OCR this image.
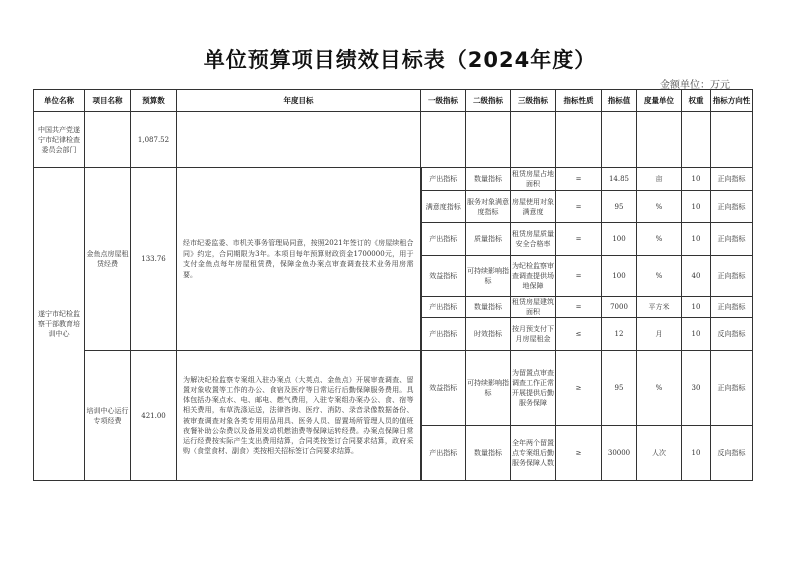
单位预算项目绩效目标表（2024年度）
金额单位：万元
单位名称	项目名称	预算数	年度目标	一级指标	二级指标	三级指标	指标性质	指标值	度量单位	权重	指标方向性
中国共产党遂宁市纪律检查委员会部门		1,087.52									
遂宁市纪检监察干部教育培训中心	金鱼点房屋租赁经费	133.76	经市纪委监委、市机关事务管理局同意，按照2021年签订的《房屋续租合同》约定，合同期限为3年。本项目每年预算财政资金1700000元，用于支付金鱼点每年房屋租赁费，保障金鱼办案点审查调查技术业务用房需要。	产出指标	数量指标	租赁房屋占地面积	=	14.85	亩	10	正向指标
				满意度指标	服务对象满意度指标	房屋使用对象满意度	=	95	%	10	正向指标
				产出指标	质量指标	租赁房屋质量安全合格率	=	100	%	10	正向指标
				效益指标	可持续影响指标	为纪检监察审查调查提供场地保障	=	100	%	40	正向指标
				产出指标	数量指标	租赁房屋建筑面积	=	7000	平方米	10	正向指标
				产出指标	时效指标	按月预支付下月房屋租金	≤	12	月	10	反向指标
	培训中心运行专项经费	421.00	为解决纪检监察专案组入驻办案点（大英点、金鱼点）开展审查调查、留置对象收置等工作的办公、食宿及医疗等日常运行后勤保障服务费用。具体包括办案点水、电、邮电、燃气费用，入驻专案组办案办公、食、宿等相关费用，布草洗涤运送，法律咨询、医疗、消防、录音录像数据备份、被审查调查对象各类专用用品用具、医务人员、留置场所管理人员的值班夜餐补助公杂费以及备用发动机燃油费等保障运转经费。办案点保障日常运行经费按实际产生支出费用结算，合同类按签订合同要求结算，政府采购（食堂食材、副食）类按相关招标签订合同要求结算。	效益指标	可持续影响指标	为留置点审查调查工作正常开展提供后勤服务保障	≥	95	%	30	正向指标
				产出指标	数量指标	全年两个留置点专案组后勤服务保障人数	≥	30000	人次	10	反向指标
